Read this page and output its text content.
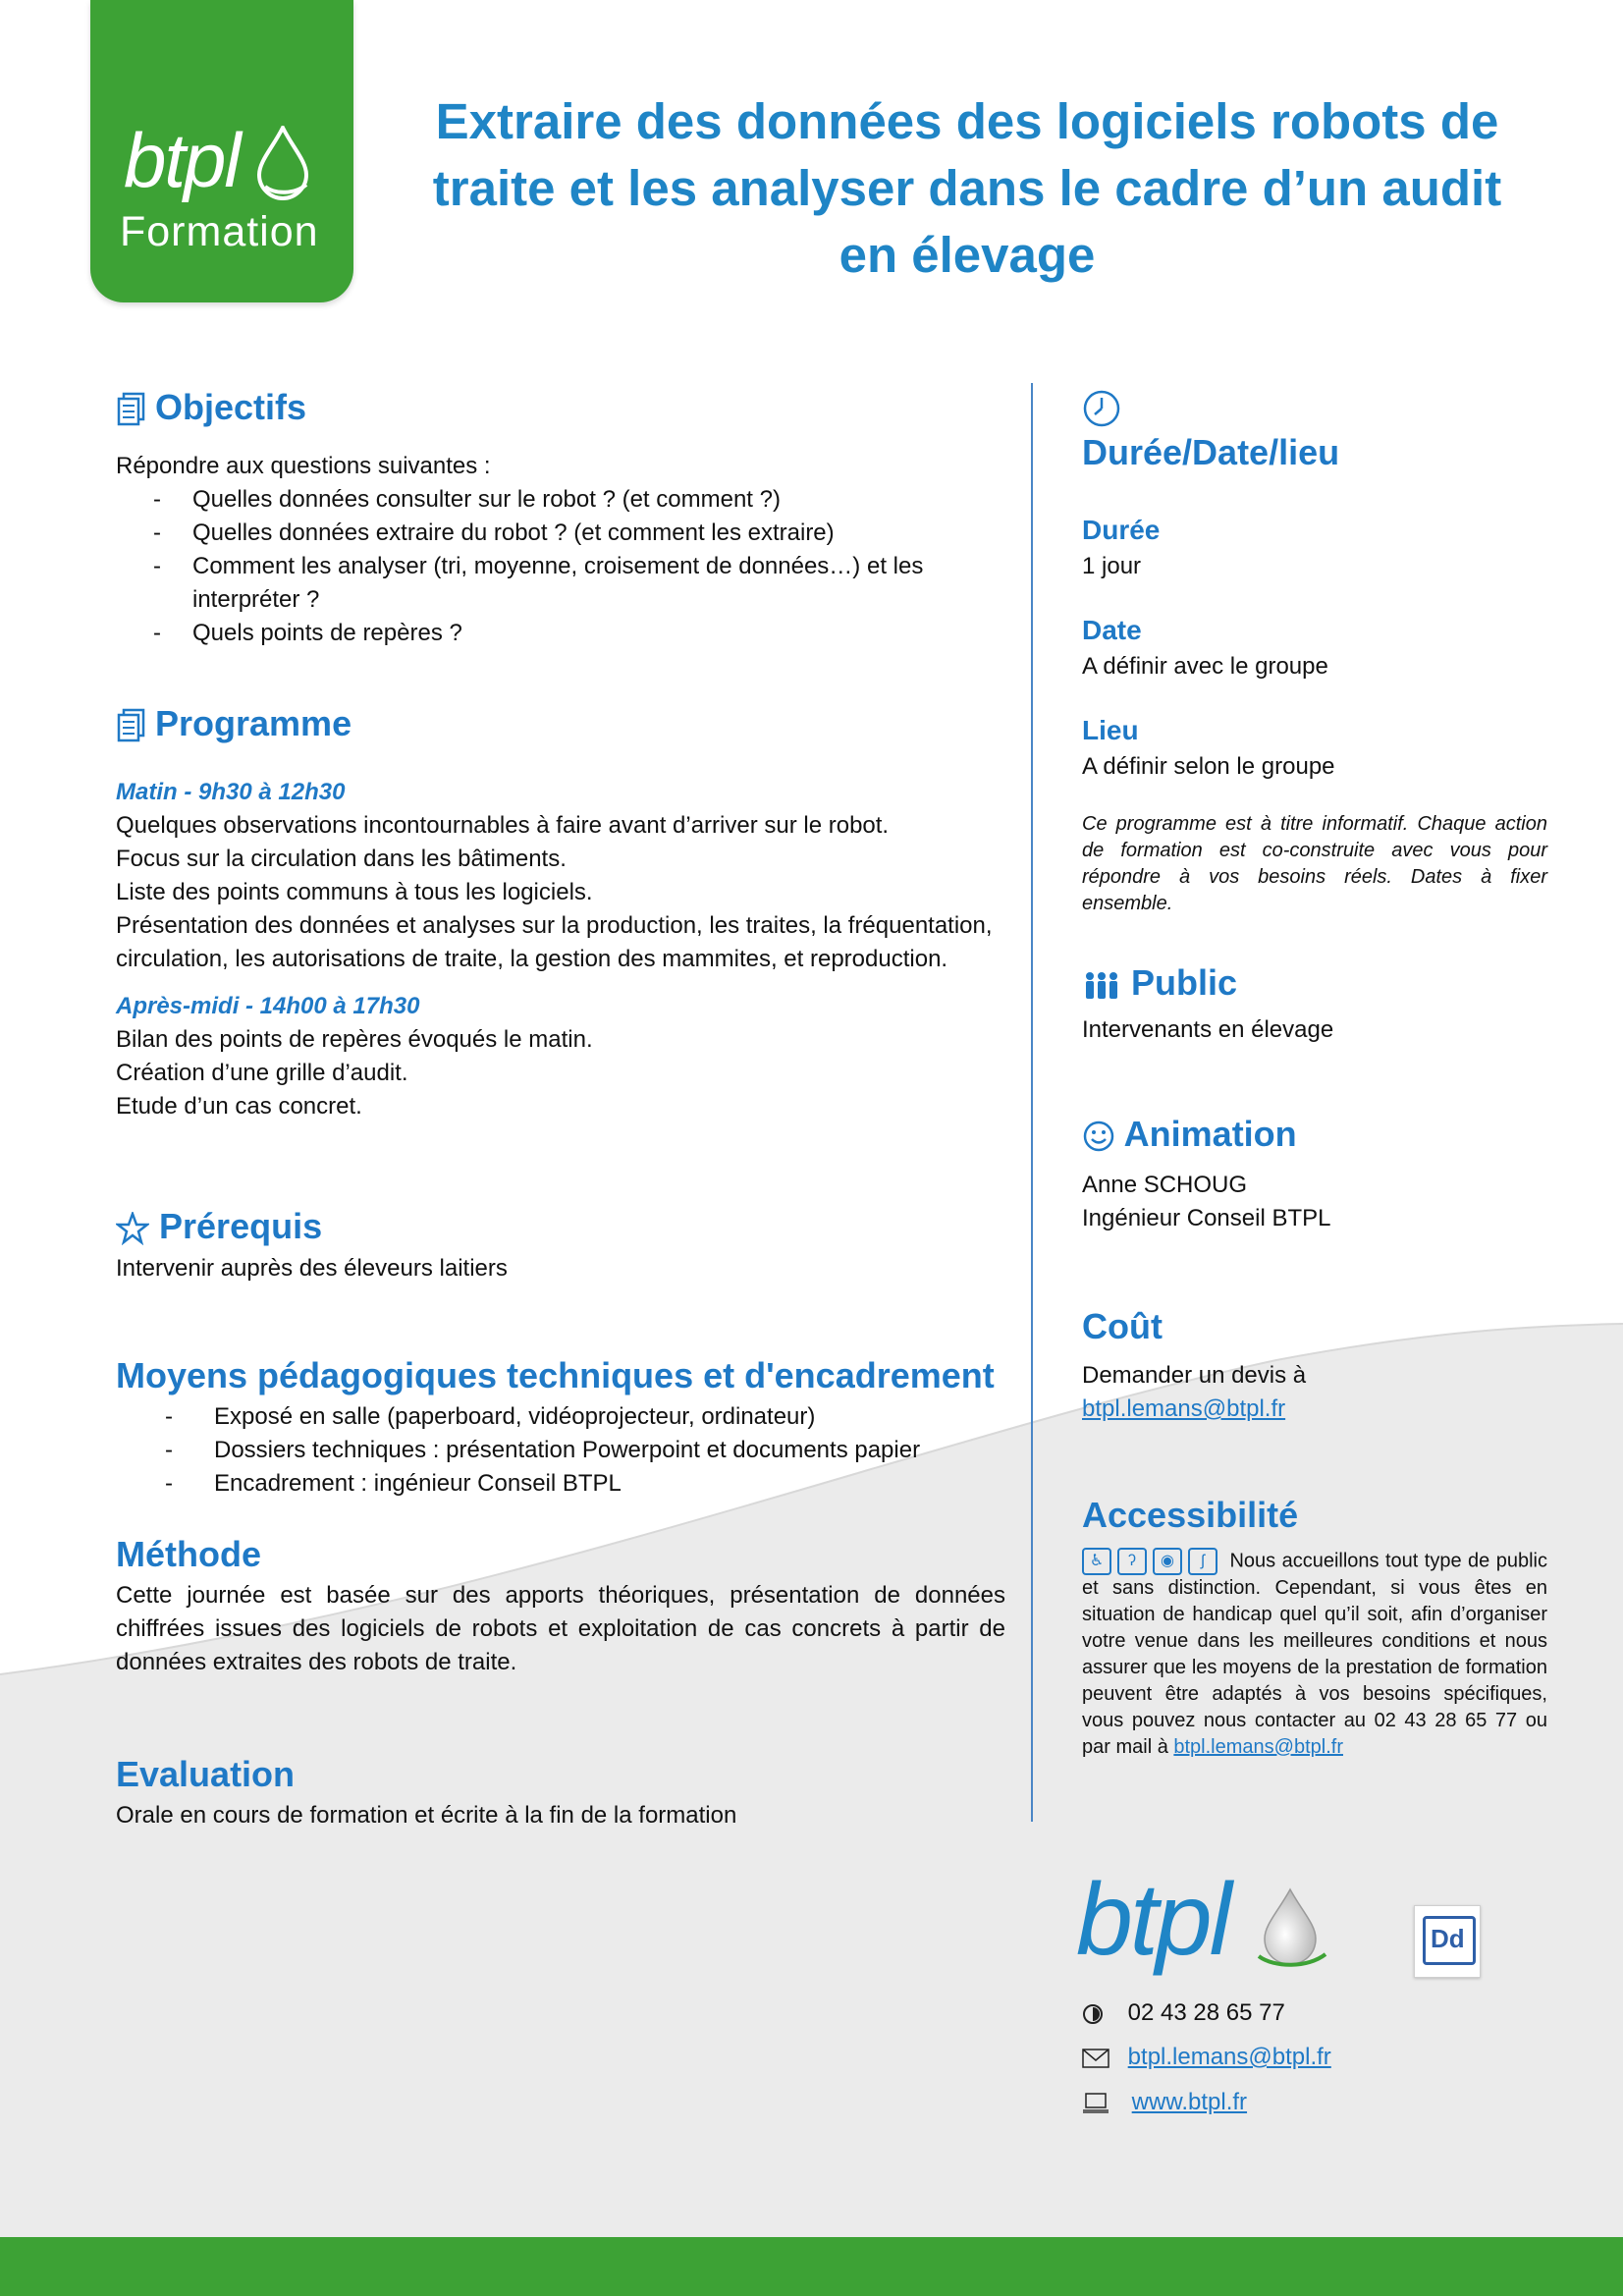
btpl
Formation
Extraire des données des logiciels robots de
traite et les analyser dans le cadre d’un audit
en élevage
Objectifs
Répondre aux questions suivantes :
- Quelles données consulter sur le robot ? (et comment ?)
- Quelles données extraire du robot ? (et comment les extraire)
- Comment les analyser (tri, moyenne, croisement de données…) et les interpréter ?
- Quels points de repères ?
Programme
Matin - 9h30 à 12h30
Quelques observations incontournables à faire avant d’arriver sur le robot.
Focus sur la circulation dans les bâtiments.
Liste des points communs à tous les logiciels.
Présentation des données et analyses sur la production, les traites, la fréquentation, circulation, les autorisations de traite, la gestion des mammites, et reproduction.
Après-midi - 14h00 à 17h30
Bilan des points de repères évoqués le matin.
Création d’une grille d’audit.
Etude d’un cas concret.
Prérequis
Intervenir auprès des éleveurs laitiers
Moyens pédagogiques techniques et d'encadrement
- Exposé en salle (paperboard, vidéoprojecteur, ordinateur)
- Dossiers techniques : présentation Powerpoint et documents papier
- Encadrement : ingénieur Conseil BTPL
Méthode
Cette journée est basée sur des apports théoriques, présentation de données chiffrées issues des logiciels de robots et exploitation de cas concrets à partir de données extraites des robots de traite.
Evaluation
Orale en cours de formation et écrite à la fin de la formation
Durée/Date/lieu
Durée
1 jour
Date
A définir avec le groupe
Lieu
A définir selon le groupe
Ce programme est à titre informatif. Chaque action de formation est co-construite avec vous pour répondre à vos besoins réels. Dates à fixer ensemble.
Public
Intervenants en élevage
Animation
Anne SCHOUG
Ingénieur Conseil BTPL
Coût
Demander un devis à
btpl.lemans@btpl.fr
Accessibilité
♿ ʔ ◉ ʃ Nous accueillons tout type de public et sans distinction. Cependant, si vous êtes en situation de handicap quel qu’il soit, afin d’organiser votre venue dans les meilleures conditions et nous assurer que les moyens de la prestation de formation peuvent être adaptés à vos besoins spécifiques, vous pouvez nous contacter au 02 43 28 65 77 ou par mail à btpl.lemans@btpl.fr
btpl	Dd
02 43 28 65 77
btpl.lemans@btpl.fr
www.btpl.fr
